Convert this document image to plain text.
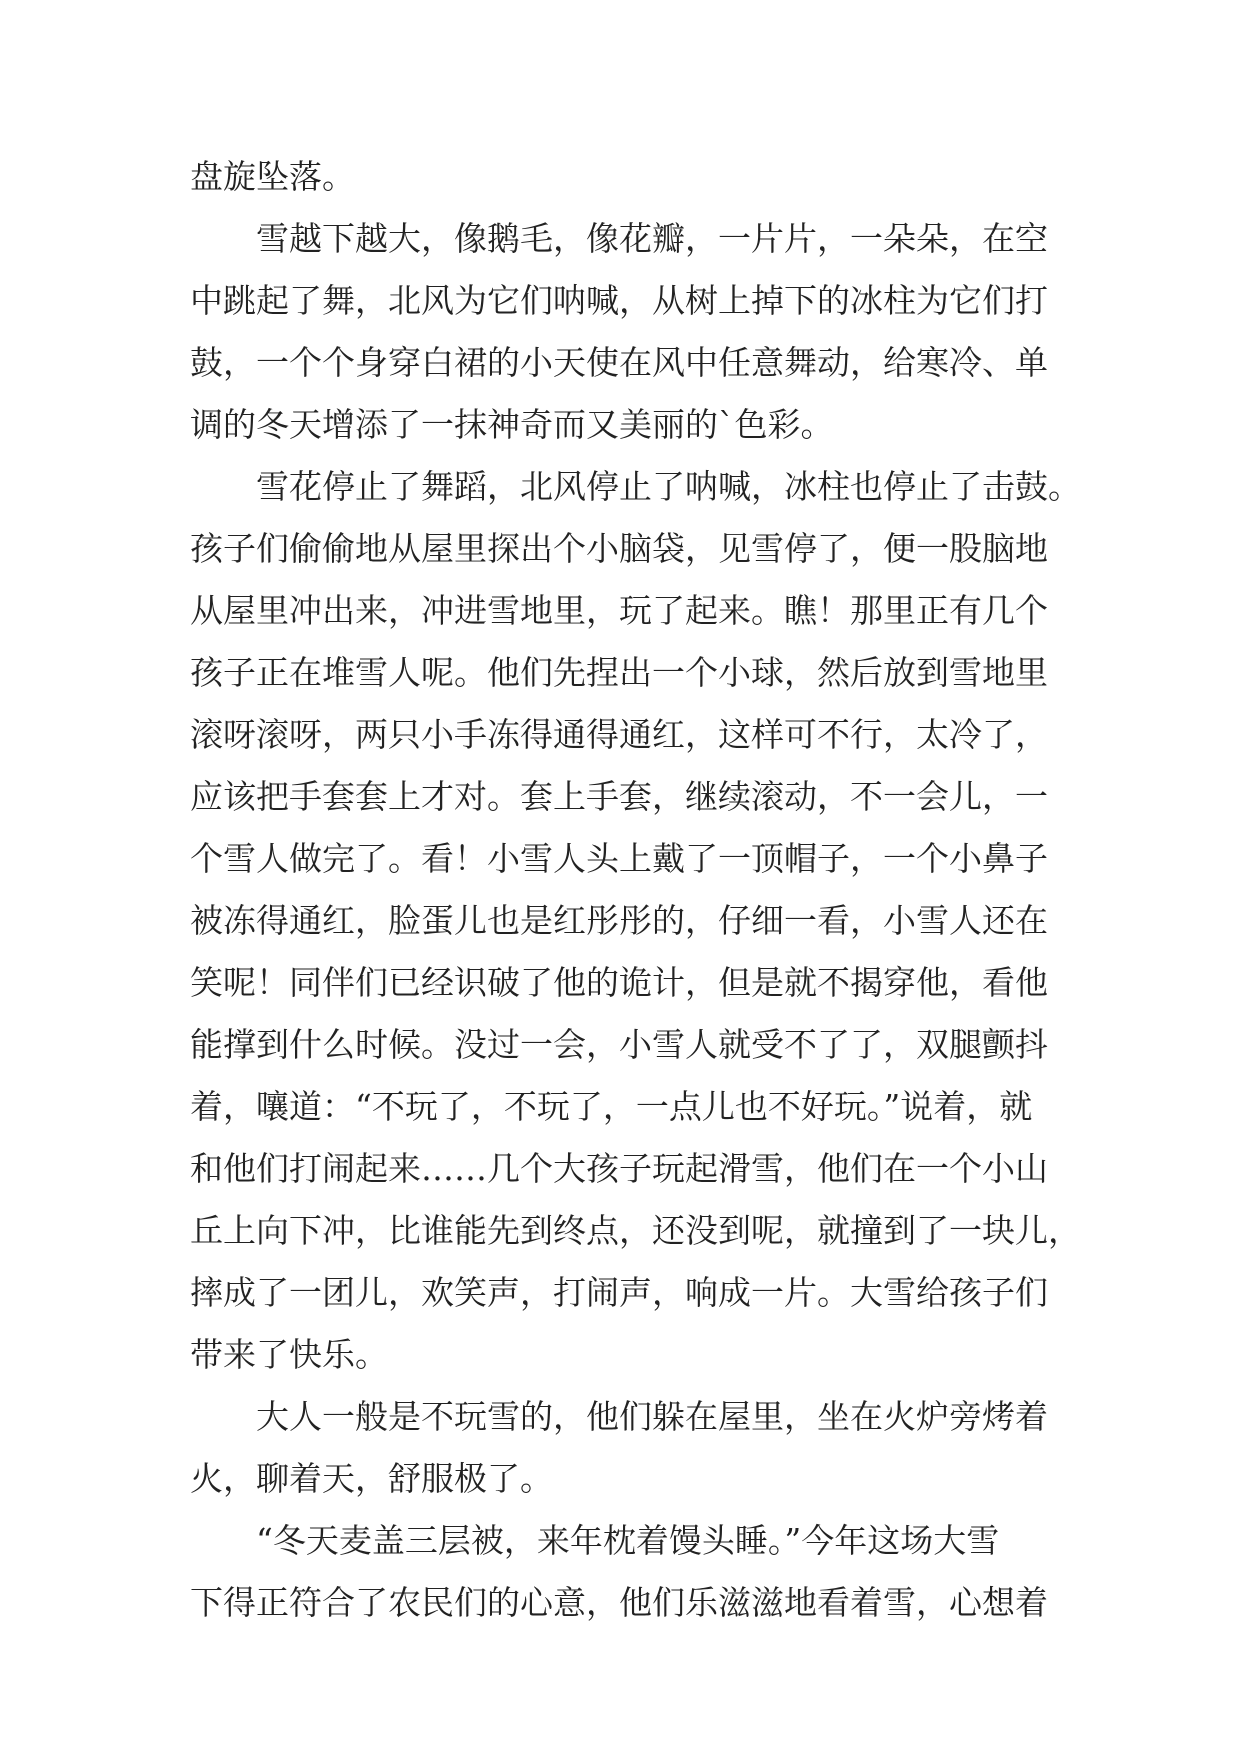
盘旋坠落。
雪越下越大，像鹅毛，像花瓣，一片片，一朵朵，在空
中跳起了舞，北风为它们呐喊，从树上掉下的冰柱为它们打
鼓，一个个身穿白裙的小天使在风中任意舞动，给寒冷、单
调的冬天增添了一抹神奇而又美丽的`色彩。
雪花停止了舞蹈，北风停止了呐喊，冰柱也停止了击鼓。
孩子们偷偷地从屋里探出个小脑袋，见雪停了，便一股脑地
从屋里冲出来，冲进雪地里，玩了起来。瞧！那里正有几个
孩子正在堆雪人呢。他们先捏出一个小球，然后放到雪地里
滚呀滚呀，两只小手冻得通得通红，这样可不行，太冷了，
应该把手套套上才对。套上手套，继续滚动，不一会儿，一
个雪人做完了。看！小雪人头上戴了一顶帽子，一个小鼻子
被冻得通红，脸蛋儿也是红彤彤的，仔细一看，小雪人还在
笑呢！同伴们已经识破了他的诡计，但是就不揭穿他，看他
能撑到什么时候。没过一会，小雪人就受不了了，双腿颤抖
着，嚷道：“不玩了，不玩了，一点儿也不好玩。”说着，就
和他们打闹起来……几个大孩子玩起滑雪，他们在一个小山
丘上向下冲，比谁能先到终点，还没到呢，就撞到了一块儿，
摔成了一团儿，欢笑声，打闹声，响成一片。大雪给孩子们
带来了快乐。
大人一般是不玩雪的，他们躲在屋里，坐在火炉旁烤着
火，聊着天，舒服极了。
“冬天麦盖三层被，来年枕着馒头睡。”今年这场大雪
下得正符合了农民们的心意，他们乐滋滋地看着雪，心想着
